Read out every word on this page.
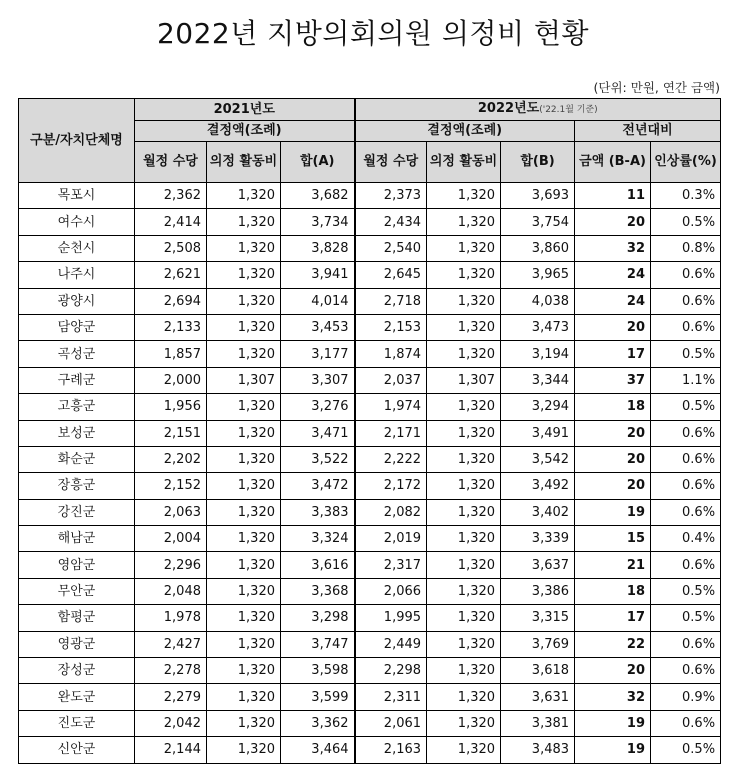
2022년 지방의회의원 의정비 현황
(단위: 만원, 연간 금액)
구분/자치단체명	2021년도			2022년도('22.1월 기준)				
	결정액(조례)			결정액(조례)			전년대비	
	월정 수당	의정 활동비	합(A)	월정 수당	의정 활동비	합(B)	금액 (B-A)	인상률(%)
목포시	2,362	1,320	3,682	2,373	1,320	3,693	11	0.3%
여수시	2,414	1,320	3,734	2,434	1,320	3,754	20	0.5%
순천시	2,508	1,320	3,828	2,540	1,320	3,860	32	0.8%
나주시	2,621	1,320	3,941	2,645	1,320	3,965	24	0.6%
광양시	2,694	1,320	4,014	2,718	1,320	4,038	24	0.6%
담양군	2,133	1,320	3,453	2,153	1,320	3,473	20	0.6%
곡성군	1,857	1,320	3,177	1,874	1,320	3,194	17	0.5%
구례군	2,000	1,307	3,307	2,037	1,307	3,344	37	1.1%
고흥군	1,956	1,320	3,276	1,974	1,320	3,294	18	0.5%
보성군	2,151	1,320	3,471	2,171	1,320	3,491	20	0.6%
화순군	2,202	1,320	3,522	2,222	1,320	3,542	20	0.6%
장흥군	2,152	1,320	3,472	2,172	1,320	3,492	20	0.6%
강진군	2,063	1,320	3,383	2,082	1,320	3,402	19	0.6%
해남군	2,004	1,320	3,324	2,019	1,320	3,339	15	0.4%
영암군	2,296	1,320	3,616	2,317	1,320	3,637	21	0.6%
무안군	2,048	1,320	3,368	2,066	1,320	3,386	18	0.5%
함평군	1,978	1,320	3,298	1,995	1,320	3,315	17	0.5%
영광군	2,427	1,320	3,747	2,449	1,320	3,769	22	0.6%
장성군	2,278	1,320	3,598	2,298	1,320	3,618	20	0.6%
완도군	2,279	1,320	3,599	2,311	1,320	3,631	32	0.9%
진도군	2,042	1,320	3,362	2,061	1,320	3,381	19	0.6%
신안군	2,144	1,320	3,464	2,163	1,320	3,483	19	0.5%
